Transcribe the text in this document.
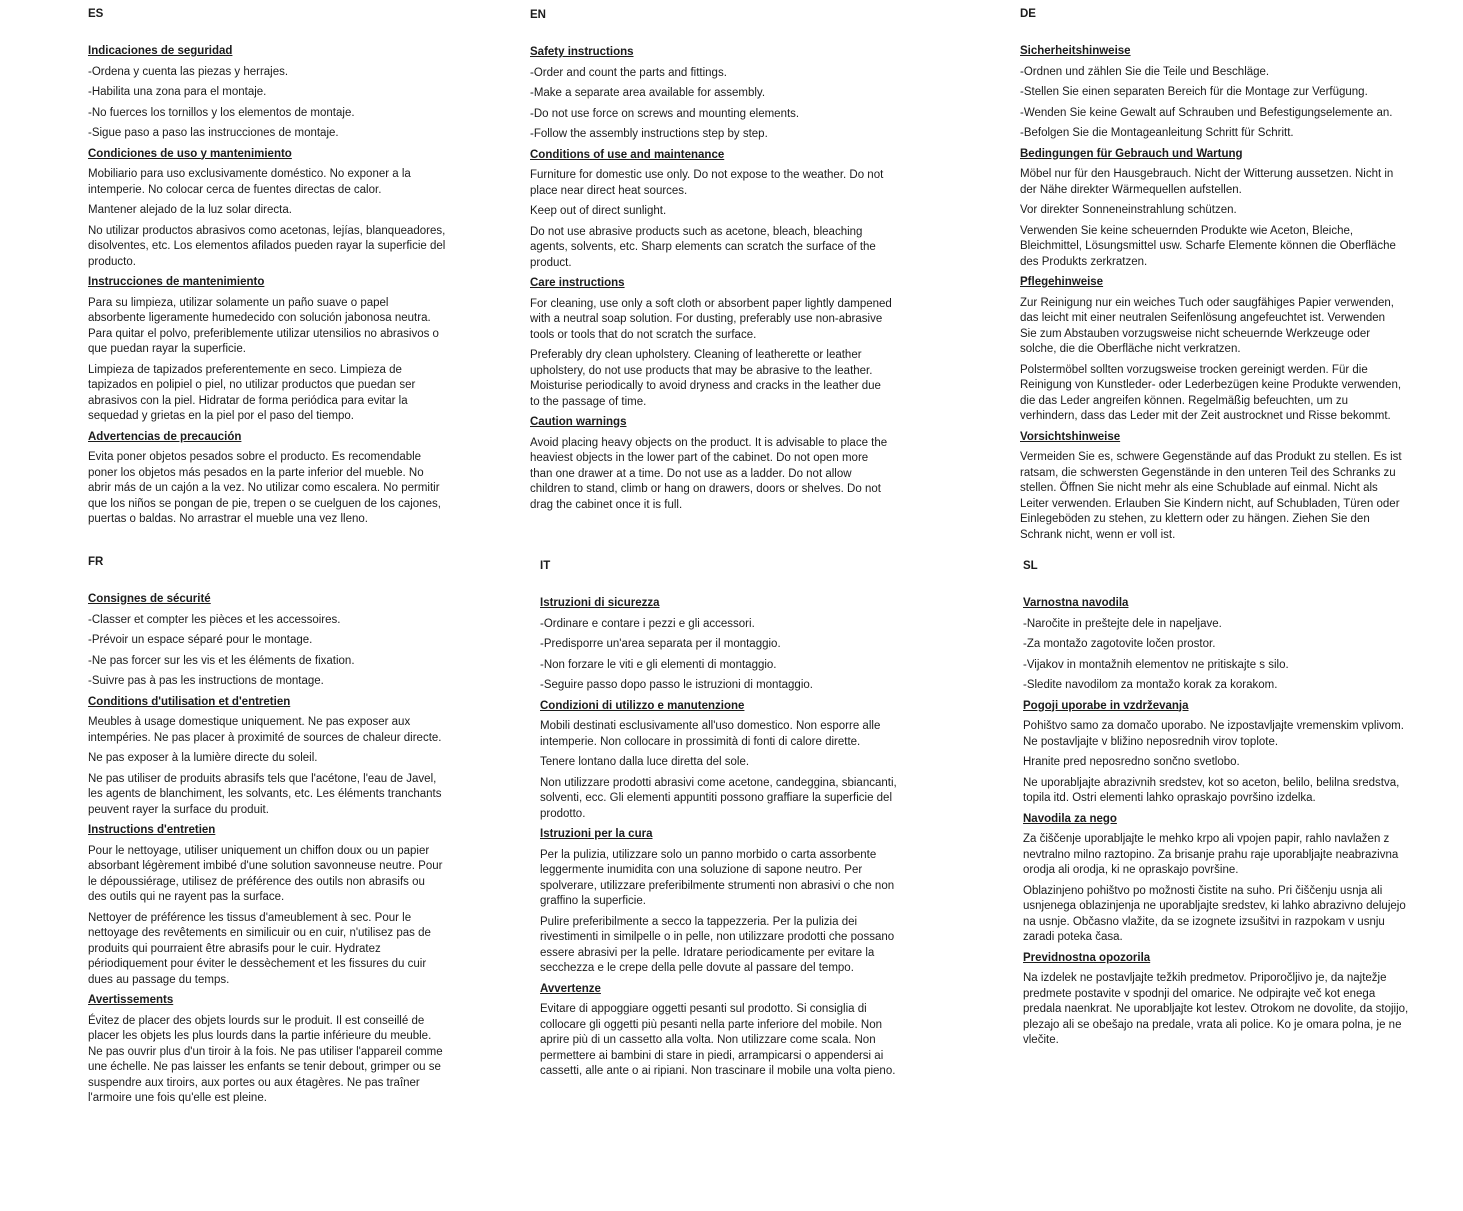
ES
Indicaciones de seguridad

-Ordena y cuenta las piezas y herrajes.

-Habilita una zona para el montaje.

-No fuerces los tornillos y los elementos de montaje.

-Sigue paso a paso las instrucciones de montaje.

Condiciones de uso y mantenimiento

Mobiliario para uso exclusivamente doméstico. No exponer a la intemperie. No colocar cerca de fuentes directas de calor.

Mantener alejado de la luz solar directa.

No utilizar productos abrasivos como acetonas, lejías, blanqueadores, disolventes, etc. Los elementos afilados pueden rayar la superficie del producto.

Instrucciones de mantenimiento

Para su limpieza, utilizar solamente un paño suave o papel absorbente ligeramente humedecido con solución jabonosa neutra. Para quitar el polvo, preferiblemente utilizar utensilios no abrasivos o que puedan rayar la superficie.

Limpieza de tapizados preferentemente en seco. Limpieza de tapizados en polipiel o piel, no utilizar productos que puedan ser abrasivos con la piel. Hidratar de forma periódica para evitar la sequedad y grietas en la piel por el paso del tiempo.

Advertencias de precaución

Evita poner objetos pesados sobre el producto. Es recomendable poner los objetos más pesados en la parte inferior del mueble. No abrir más de un cajón a la vez. No utilizar como escalera. No permitir que los niños se pongan de pie, trepen o se cuelguen de los cajones, puertas o baldas. No arrastrar el mueble una vez lleno.

EN
Safety instructions

-Order and count the parts and fittings.

-Make a separate area available for assembly.

-Do not use force on screws and mounting elements.

-Follow the assembly instructions step by step.

Conditions of use and maintenance

Furniture for domestic use only. Do not expose to the weather. Do not place near direct heat sources.

Keep out of direct sunlight.

Do not use abrasive products such as acetone, bleach, bleaching agents, solvents, etc. Sharp elements can scratch the surface of the product.

Care instructions

For cleaning, use only a soft cloth or absorbent paper lightly dampened with a neutral soap solution. For dusting, preferably use non-abrasive tools or tools that do not scratch the surface.

Preferably dry clean upholstery. Cleaning of leatherette or leather upholstery, do not use products that may be abrasive to the leather. Moisturise periodically to avoid dryness and cracks in the leather due to the passage of time.

Caution warnings

Avoid placing heavy objects on the product. It is advisable to place the heaviest objects in the lower part of the cabinet. Do not open more than one drawer at a time. Do not use as a ladder. Do not allow children to stand, climb or hang on drawers, doors or shelves. Do not drag the cabinet once it is full.

DE
Sicherheitshinweise

-Ordnen und zählen Sie die Teile und Beschläge.

-Stellen Sie einen separaten Bereich für die Montage zur Verfügung.

-Wenden Sie keine Gewalt auf Schrauben und Befestigungselemente an.

-Befolgen Sie die Montageanleitung Schritt für Schritt.

Bedingungen für Gebrauch und Wartung

Möbel nur für den Hausgebrauch. Nicht der Witterung aussetzen. Nicht in der Nähe direkter Wärmequellen aufstellen.

Vor direkter Sonneneinstrahlung schützen.

Verwenden Sie keine scheuernden Produkte wie Aceton, Bleiche, Bleichmittel, Lösungsmittel usw. Scharfe Elemente können die Oberfläche des Produkts zerkratzen.

Pflegehinweise

Zur Reinigung nur ein weiches Tuch oder saugfähiges Papier verwenden, das leicht mit einer neutralen Seifenlösung angefeuchtet ist. Verwenden Sie zum Abstauben vorzugsweise nicht scheuernde Werkzeuge oder solche, die die Oberfläche nicht verkratzen.

Polstermöbel sollten vorzugsweise trocken gereinigt werden. Für die Reinigung von Kunstleder- oder Lederbezügen keine Produkte verwenden, die das Leder angreifen können. Regelmäßig befeuchten, um zu verhindern, dass das Leder mit der Zeit austrocknet und Risse bekommt.

Vorsichtshinweise

Vermeiden Sie es, schwere Gegenstände auf das Produkt zu stellen. Es ist ratsam, die schwersten Gegenstände in den unteren Teil des Schranks zu stellen. Öffnen Sie nicht mehr als eine Schublade auf einmal. Nicht als Leiter verwenden. Erlauben Sie Kindern nicht, auf Schubladen, Türen oder Einlegeböden zu stehen, zu klettern oder zu hängen. Ziehen Sie den Schrank nicht, wenn er voll ist.

FR
Consignes de sécurité

-Classer et compter les pièces et les accessoires.

-Prévoir un espace séparé pour le montage.

-Ne pas forcer sur les vis et les éléments de fixation.

-Suivre pas à pas les instructions de montage.

Conditions d'utilisation et d'entretien

Meubles à usage domestique uniquement. Ne pas exposer aux intempéries. Ne pas placer à proximité de sources de chaleur directe.

Ne pas exposer à la lumière directe du soleil.

Ne pas utiliser de produits abrasifs tels que l'acétone, l'eau de Javel, les agents de blanchiment, les solvants, etc. Les éléments tranchants peuvent rayer la surface du produit.

Instructions d'entretien

Pour le nettoyage, utiliser uniquement un chiffon doux ou un papier absorbant légèrement imbibé d'une solution savonneuse neutre. Pour le dépoussiérage, utilisez de préférence des outils non abrasifs ou des outils qui ne rayent pas la surface.

Nettoyer de préférence les tissus d'ameublement à sec. Pour le nettoyage des revêtements en similicuir ou en cuir, n'utilisez pas de produits qui pourraient être abrasifs pour le cuir. Hydratez périodiquement pour éviter le dessèchement et les fissures du cuir dues au passage du temps.

Avertissements

Évitez de placer des objets lourds sur le produit. Il est conseillé de placer les objets les plus lourds dans la partie inférieure du meuble. Ne pas ouvrir plus d'un tiroir à la fois. Ne pas utiliser l'appareil comme une échelle. Ne pas laisser les enfants se tenir debout, grimper ou se suspendre aux tiroirs, aux portes ou aux étagères. Ne pas traîner l'armoire une fois qu'elle est pleine.

IT
Istruzioni di sicurezza

-Ordinare e contare i pezzi e gli accessori.

-Predisporre un'area separata per il montaggio.

-Non forzare le viti e gli elementi di montaggio.

-Seguire passo dopo passo le istruzioni di montaggio.

Condizioni di utilizzo e manutenzione

Mobili destinati esclusivamente all'uso domestico. Non esporre alle intemperie. Non collocare in prossimità di fonti di calore dirette.

Tenere lontano dalla luce diretta del sole.

Non utilizzare prodotti abrasivi come acetone, candeggina, sbiancanti, solventi, ecc. Gli elementi appuntiti possono graffiare la superficie del prodotto.

Istruzioni per la cura

Per la pulizia, utilizzare solo un panno morbido o carta assorbente leggermente inumidita con una soluzione di sapone neutro. Per spolverare, utilizzare preferibilmente strumenti non abrasivi o che non graffino la superficie.

Pulire preferibilmente a secco la tappezzeria. Per la pulizia dei rivestimenti in similpelle o in pelle, non utilizzare prodotti che possano essere abrasivi per la pelle. Idratare periodicamente per evitare la secchezza e le crepe della pelle dovute al passare del tempo.

Avvertenze

Evitare di appoggiare oggetti pesanti sul prodotto. Si consiglia di collocare gli oggetti più pesanti nella parte inferiore del mobile. Non aprire più di un cassetto alla volta. Non utilizzare come scala. Non permettere ai bambini di stare in piedi, arrampicarsi o appendersi ai cassetti, alle ante o ai ripiani. Non trascinare il mobile una volta pieno.

SL
Varnostna navodila

-Naročite in preštejte dele in napeljave.

-Za montažo zagotovite ločen prostor.

-Vijakov in montažnih elementov ne pritiskajte s silo.

-Sledite navodilom za montažo korak za korakom.

Pogoji uporabe in vzdrževanja

Pohištvo samo za domačo uporabo. Ne izpostavljajte vremenskim vplivom. Ne postavljajte v bližino neposrednih virov toplote.

Hranite pred neposredno sončno svetlobo.

Ne uporabljajte abrazivnih sredstev, kot so aceton, belilo, belilna sredstva, topila itd. Ostri elementi lahko opraskajo površino izdelka.

Navodila za nego

Za čiščenje uporabljajte le mehko krpo ali vpojen papir, rahlo navlažen z nevtralno milno raztopino. Za brisanje prahu raje uporabljajte neabrazivna orodja ali orodja, ki ne opraskajo površine.

Oblazinjeno pohištvo po možnosti čistite na suho. Pri čiščenju usnja ali usnjenega oblazinjenja ne uporabljajte sredstev, ki lahko abrazivno delujejo na usnje. Občasno vlažite, da se izognete izsušitvi in razpokam v usnju zaradi poteka časa.

Previdnostna opozorila

Na izdelek ne postavljajte težkih predmetov. Priporočljivo je, da najtežje predmete postavite v spodnji del omarice. Ne odpirajte več kot enega predala naenkrat. Ne uporabljajte kot lestev. Otrokom ne dovolite, da stojijo, plezajo ali se obešajo na predale, vrata ali police. Ko je omara polna, je ne vlečite.
